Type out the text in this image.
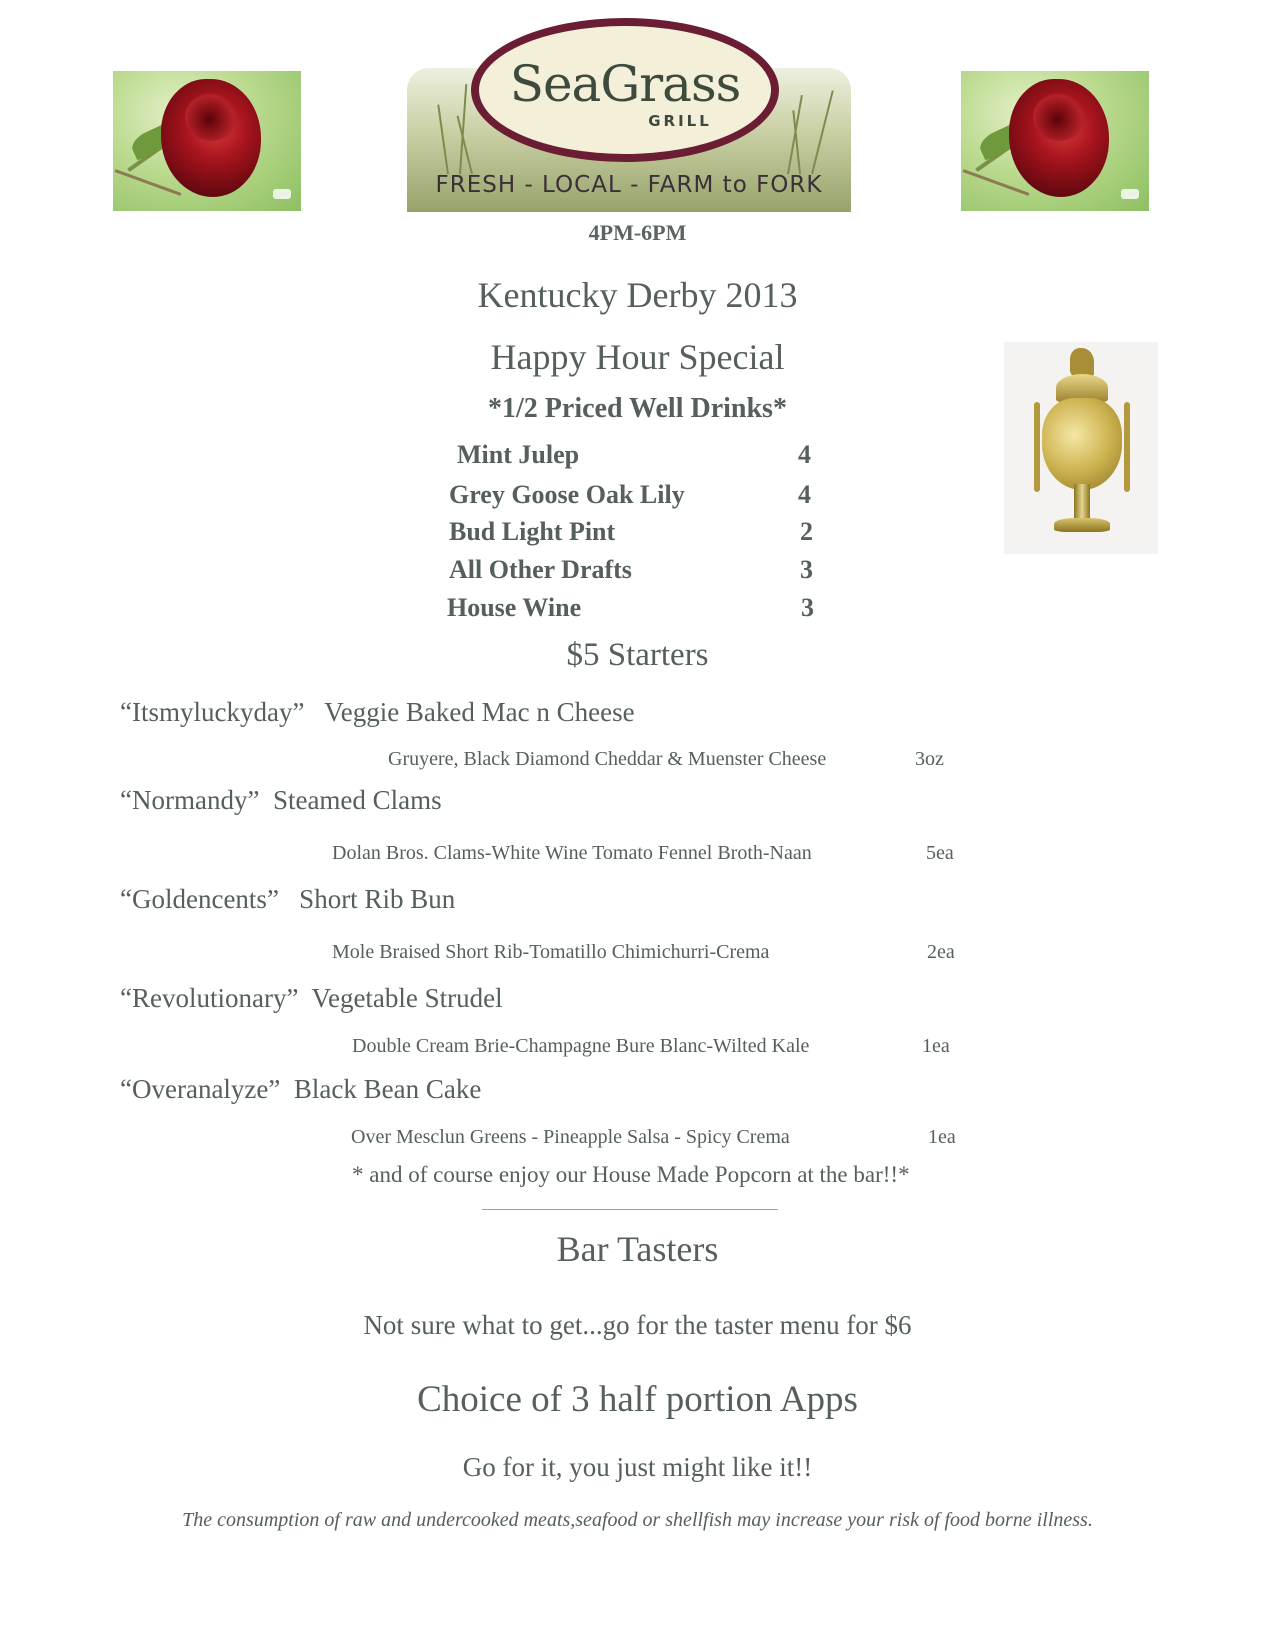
SeaGrass
GRILL
FRESH - LOCAL - FARM to FORK
4PM-6PM
Kentucky Derby 2013
Happy Hour Special
*1/2 Priced Well Drinks*
Mint Julep	4
Grey Goose Oak Lily	4
Bud Light Pint	2
All Other Drafts	3
House Wine	3
$5 Starters
“Itsmyluckyday”   Veggie Baked Mac n Cheese
Gruyere, Black Diamond Cheddar & Muenster Cheese	3oz
“Normandy”  Steamed Clams
Dolan Bros. Clams-White Wine Tomato Fennel Broth-Naan	5ea
“Goldencents”   Short Rib Bun
Mole Braised Short Rib-Tomatillo Chimichurri-Crema	2ea
“Revolutionary”  Vegetable Strudel
Double Cream Brie-Champagne Bure Blanc-Wilted Kale	1ea
“Overanalyze”  Black Bean Cake
Over Mesclun Greens - Pineapple Salsa - Spicy Crema	1ea
* and of course enjoy our House Made Popcorn at the bar!!*
Bar Tasters
Not sure what to get...go for the taster menu for $6
Choice of 3 half portion Apps
Go for it, you just might like it!!
The consumption of raw and undercooked meats,seafood or shellfish may increase your risk of food borne illness.
